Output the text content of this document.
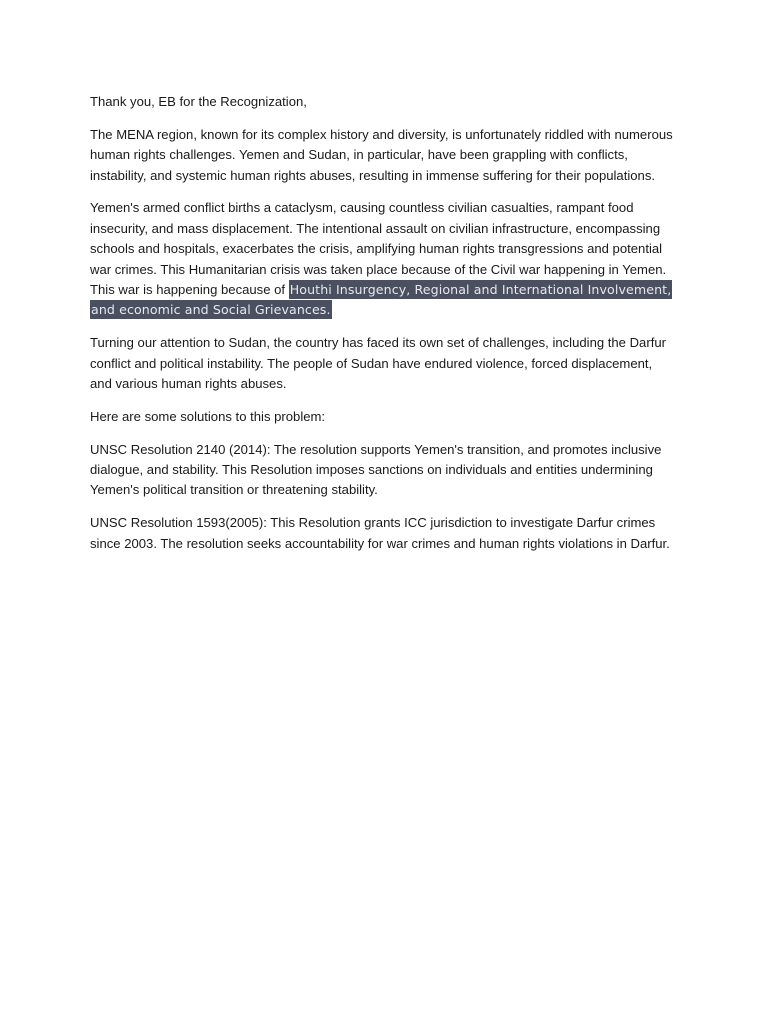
Thank you, EB for the Recognization,

The MENA region, known for its complex history and diversity, is unfortunately riddled with numerous human rights challenges. Yemen and Sudan, in particular, have been grappling with conflicts, instability, and systemic human rights abuses, resulting in immense suffering for their populations.

Yemen's armed conflict births a cataclysm, causing countless civilian casualties, rampant food insecurity, and mass displacement. The intentional assault on civilian infrastructure, encompassing schools and hospitals, exacerbates the crisis, amplifying human rights transgressions and potential war crimes. This Humanitarian crisis was taken place because of the Civil war happening in Yemen. This war is happening because of Houthi Insurgency, Regional and International Involvement, and economic and Social Grievances.

Turning our attention to Sudan, the country has faced its own set of challenges, including the Darfur conflict and political instability. The people of Sudan have endured violence, forced displacement, and various human rights abuses.

Here are some solutions to this problem:

UNSC Resolution 2140 (2014): The resolution supports Yemen's transition, and promotes inclusive dialogue, and stability. This Resolution imposes sanctions on individuals and entities undermining Yemen's political transition or threatening stability.

UNSC Resolution 1593(2005): This Resolution grants ICC jurisdiction to investigate Darfur crimes since 2003. The resolution seeks accountability for war crimes and human rights violations in Darfur.
